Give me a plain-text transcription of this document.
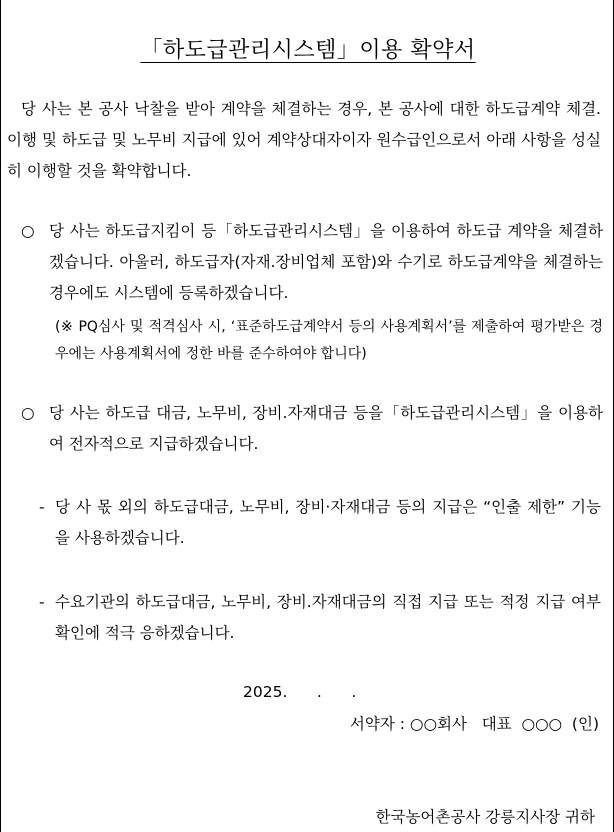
「하도급관리시스템」이용 확약서
당 사는 본 공사 낙찰을 받아 계약을 체결하는 경우, 본 공사에 대한 하도급계약 체결.이행 및 하도급 및 노무비 지급에 있어 계약상대자이자 원수급인으로서 아래 사항을 성실히 이행할 것을 확약합니다.
○ 당 사는 하도급지킴이 등「하도급관리시스템」을 이용하여 하도급 계약을 체결하겠습니다. 아울러, 하도급자(자재.장비업체 포함)와 수기로 하도급계약을 체결하는 경우에도 시스템에 등록하겠습니다.
(※ PQ심사 및 적격심사 시, ‘표준하도급계약서 등의 사용계획서’를 제출하여 평가받은 경우에는 사용계획서에 정한 바를 준수하여야 합니다)
○ 당 사는 하도급 대금, 노무비, 장비.자재대금 등을「하도급관리시스템」을 이용하여 전자적으로 지급하겠습니다.
- 당 사 몫 외의 하도급대금, 노무비, 장비·자재대금 등의 지급은 “인출 제한” 기능을 사용하겠습니다.
- 수요기관의 하도급대금, 노무비, 장비.자재대금의 직접 지급 또는 적정 지급 여부 확인에 적극 응하겠습니다.
2025.      .      .
서약자 : ○○회사   대표  ○○○  (인)
한국농어촌공사 강릉지사장 귀하
